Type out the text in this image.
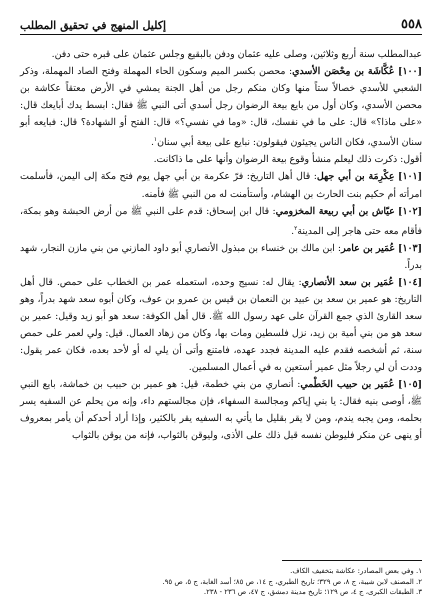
٥٥٨
إكليل المنهج في تحقيق المطلب

عبدالمطلب سنة أربع وثلاثين، وصلى عليه عثمان ودفن بالبقيع وجلس عثمان على قبره حتى دفن.

[١٠٠] عُكَّاشَة بن مِحْصَن الأسدي: محصن بكسر الميم وسكون الحاء المهملة وفتح الصاد المهملة، وذكر الشعبي للأسدي خصالاً ستاً منها وكان منكم رجل من أهل الجنة يمشي في الأرض معتقاً عكاشة بن محصن الأسدي، وكان أول من بايع بيعة الرضوان رجل أسدي أتى النبي ﷺ فقال: ابسط يدك أبايعك قال: «على ماذا؟» قال: على ما في نفسك، قال: «وما في نفسي؟» قال: الفتح أو الشهادة؟ قال: فبايعه أبو سنان الأسدي، فكان الناس يجيئون فيقولون: نبايع على بيعة أبي سنان$^١$.

أقول: ذكرت ذلك ليعلم منشأ وقوع بيعة الرضوان وأنها على ما ذاكانت.

[١٠١] عِكْرِمَة بن أبي جهل: قال أهل التاريخ: فرّ عكرمة بن أبي جهل يوم فتح مكة إلى اليمن، فأسلمت امرأته أم حكيم بنت الحارث بن الهشام، وأستأمنت له من النبي ﷺ فأمنه.

[١٠٢] عيّاش بن أبي ربيعة المخزومي: قال ابن إسحاق: قدم على النبي ﷺ من أرض الحبشة وهو بمكة، فأقام معه حتى هاجر إلى المدينة$^٢$.

[١٠٣] عُمَير بن عامر: ابن مالك بن خنساء بن مبذول الأنصاري أبو داود المازني من بني مازن النجار، شهد بدراً.

[١٠٤] عُمَير بن سعد الأنصاري: يقال له: نسيج وحده، استعمله عمر بن الخطاب على حمص. قال أهل التاريخ: هو عمير بن سعد بن عبيد بن النعمان بن قيس بن عمرو بن عوف، وكان أبوه سعد شهد بدراً، وهو سعد القارئ الذي جمع القرآن على عهد رسول الله ﷺ. قال أهل الكوفة: سعد هو أبو زيد وقيل: عمير بن سعد هو من بني أمية بن زيد، نزل فلسطين ومات بها، وكان من زهاد العمال. قيل: ولي لعمر على حمص سنة، ثم أشخصه فقدم عليه المدينة فجدد عهده، فامتنع وأتى أن يلي له أو لأحد بعده، فكان عمر يقول: وددت أن لي رجلاً مثل عمير أستعين به في أعمال المسلمين.

[١٠٥] عُمَير بن حبيب الخَطْمي: أنصاري من بني خطمة، قيل: هو عمير بن حبيب بن خماشة، بايع النبي ﷺ، أوصى بنيه فقال: يا بني إياكم ومجالسة السفهاء، فإن مجالستهم داء، وإنه من يحلم عن السفيه يسر بحلمه، ومن يجبه يندم، ومن لا يقر بقليل ما يأتي به السفيه يقر بالكثير، وإذا أراد أحدكم أن يأمر بمعروف أو ينهى عن منكر فليوطن نفسه قبل ذلك على الأذى، وليوقن بالثواب، فإنه من يوقن بالثواب

١. وفي بعض المصادر: عكاشة بتخفيف الكاف.

٢. المصنف لابن شيبة، ج ٨، ص ٣٢٩؛ تاريخ الطبري، ج ١٤، ص ٨٥؛ أسد الغابة، ج ٥، ص ٩٥.

٣. الطبقات الكبرى، ج ٤، ص ١٢٩؛ تاريخ مدينة دمشق، ج ٤٧، ص ٢٣٦ - ٢٣٨.
